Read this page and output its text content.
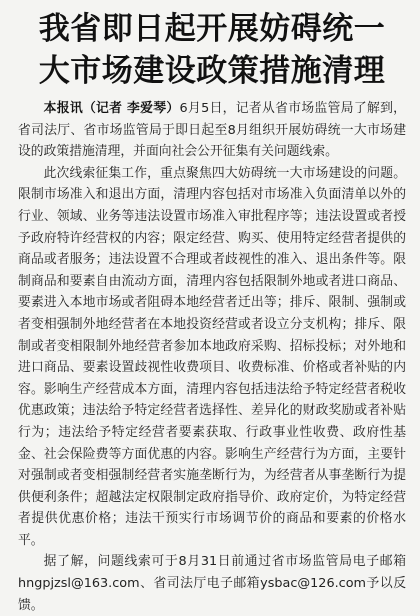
我省即日起开展妨碍统一
大市场建设政策措施清理

本报讯（记者 李爱琴）6月5日，记者从省市场监管局了解到，省司法厅、省市场监管局于即日起至8月组织开展妨碍统一大市场建设的政策措施清理，并面向社会公开征集有关问题线索。

此次线索征集工作，重点聚焦四大妨碍统一大市场建设的问题。限制市场准入和退出方面，清理内容包括对市场准入负面清单以外的行业、领域、业务等违法设置市场准入审批程序等；违法设置或者授予政府特许经营权的内容；限定经营、购买、使用特定经营者提供的商品或者服务；违法设置不合理或者歧视性的准入、退出条件等。限制商品和要素自由流动方面，清理内容包括限制外地或者进口商品、要素进入本地市场或者阻碍本地经营者迁出等；排斥、限制、强制或者变相强制外地经营者在本地投资经营或者设立分支机构；排斥、限制或者变相限制外地经营者参加本地政府采购、招标投标；对外地和进口商品、要素设置歧视性收费项目、收费标准、价格或者补贴的内容。影响生产经营成本方面，清理内容包括违法给予特定经营者税收优惠政策；违法给予特定经营者选择性、差异化的财政奖励或者补贴行为；违法给予特定经营者要素获取、行政事业性收费、政府性基金、社会保险费等方面优惠的内容。影响生产经营行为方面，主要针对强制或者变相强制经营者实施垄断行为，为经营者从事垄断行为提供便利条件；超越法定权限制定政府指导价、政府定价，为特定经营者提供优惠价格；违法干预实行市场调节价的商品和要素的价格水平。

据了解，问题线索可于8月31日前通过省市场监管局电子邮箱hngpjzsl@163.com、省司法厅电子邮箱ysbac@126.com予以反馈。
